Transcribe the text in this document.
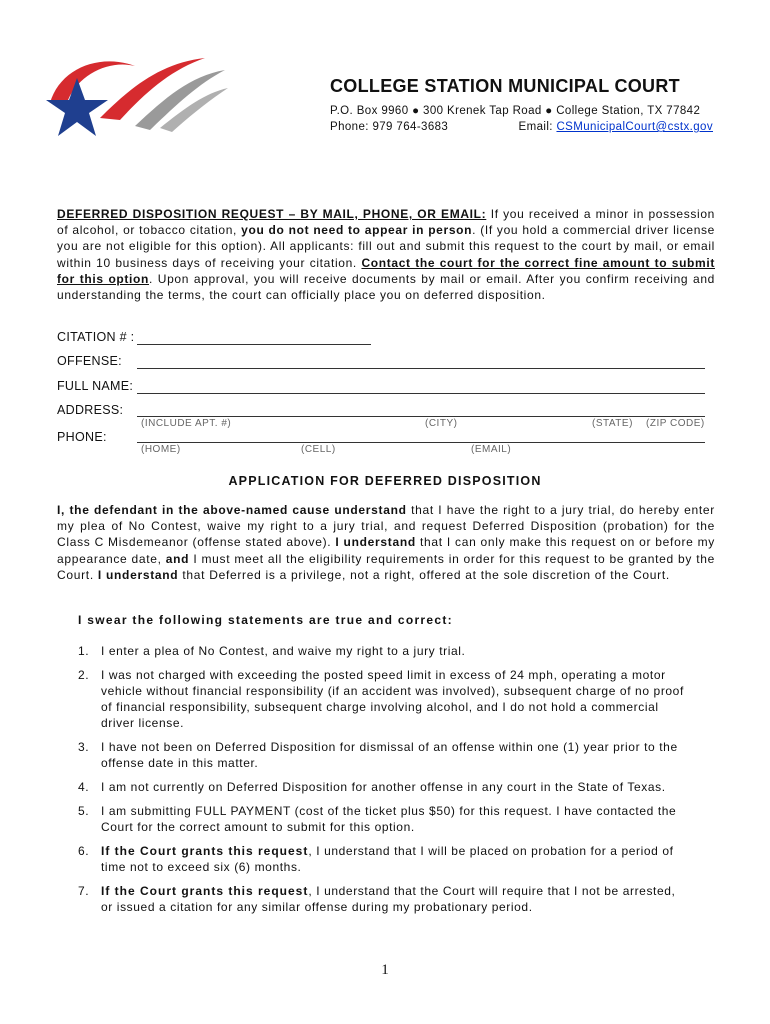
COLLEGE STATION MUNICIPAL COURT
P.O. Box 9960 ● 300 Krenek Tap Road ● College Station, TX 77842
Phone: 979 764-3683	Email: CSMunicipalCourt@cstx.gov
DEFERRED DISPOSITION REQUEST – BY MAIL, PHONE, OR EMAIL: If you received a minor in possession of alcohol, or tobacco citation, you do not need to appear in person. (If you hold a commercial driver license you are not eligible for this option). All applicants: fill out and submit this request to the court by mail, or email within 10 business days of receiving your citation. Contact the court for the correct fine amount to submit for this option. Upon approval, you will receive documents by mail or email. After you confirm receiving and understanding the terms, the court can officially place you on deferred disposition.
CITATION # :
OFFENSE:
FULL NAME:
ADDRESS:
(INCLUDE APT. #)	(CITY)	(STATE) (ZIP CODE)
PHONE:
(HOME)	(CELL)	(EMAIL)
APPLICATION FOR DEFERRED DISPOSITION
I, the defendant in the above-named cause understand that I have the right to a jury trial, do hereby enter my plea of No Contest, waive my right to a jury trial, and request Deferred Disposition (probation) for the Class C Misdemeanor (offense stated above). I understand that I can only make this request on or before my appearance date, and I must meet all the eligibility requirements in order for this request to be granted by the Court. I understand that Deferred is a privilege, not a right, offered at the sole discretion of the Court.
I swear the following statements are true and correct:
1. I enter a plea of No Contest, and waive my right to a jury trial.
2. I was not charged with exceeding the posted speed limit in excess of 24 mph, operating a motor vehicle without financial responsibility (if an accident was involved), subsequent charge of no proof of financial responsibility, subsequent charge involving alcohol, and I do not hold a commercial driver license.
3. I have not been on Deferred Disposition for dismissal of an offense within one (1) year prior to the offense date in this matter.
4. I am not currently on Deferred Disposition for another offense in any court in the State of Texas.
5. I am submitting FULL PAYMENT (cost of the ticket plus $50) for this request. I have contacted the Court for the correct amount to submit for this option.
6. If the Court grants this request, I understand that I will be placed on probation for a period of time not to exceed six (6) months.
7. If the Court grants this request, I understand that the Court will require that I not be arrested, or issued a citation for any similar offense during my probationary period.
1
